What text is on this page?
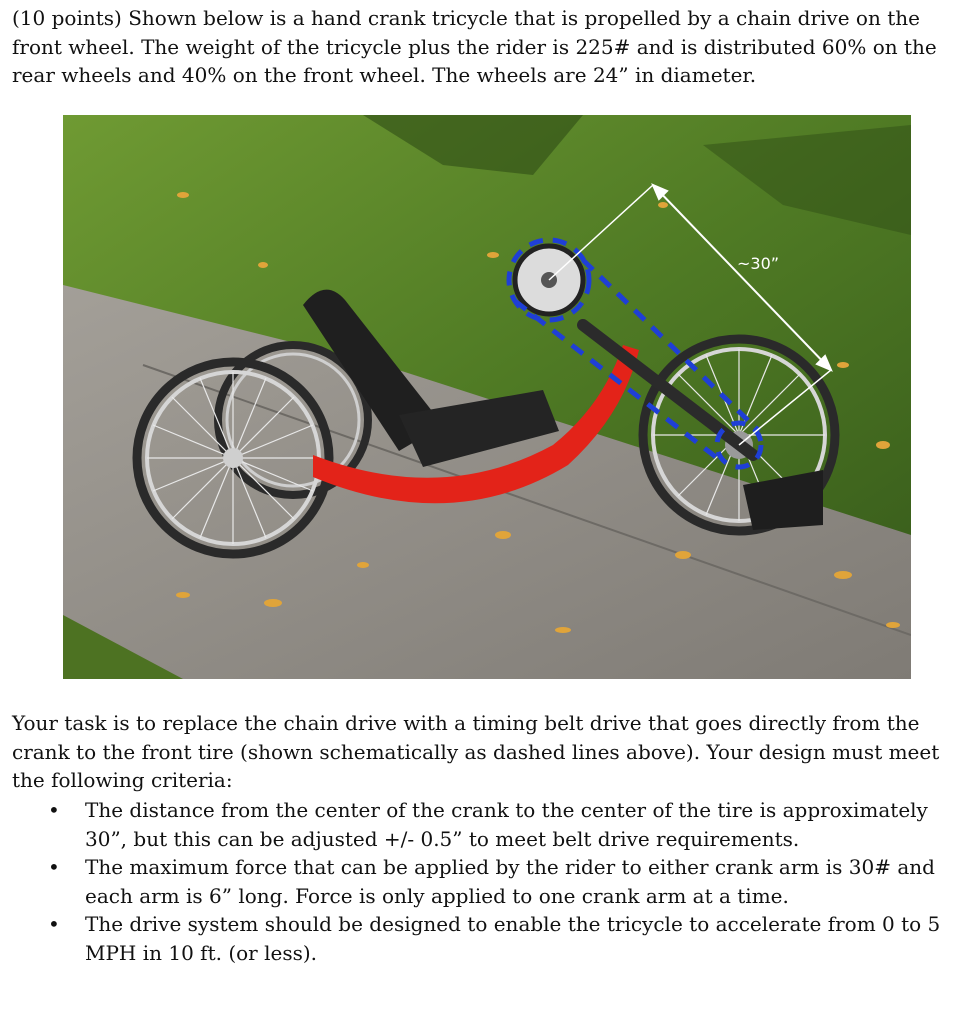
(10 points) Shown below is a hand crank tricycle that is propelled by a chain drive on the front wheel. The weight of the tricycle plus the rider is 225# and is distributed 60% on the rear wheels and 40% on the front wheel. The wheels are 24” in diameter.

~30”

Your task is to replace the chain drive with a timing belt drive that goes directly from the crank to the front tire (shown schematically as dashed lines above). Your design must meet the following criteria:

• The distance from the center of the crank to the center of the tire is approximately 30”, but this can be adjusted +/- 0.5” to meet belt drive requirements.
• The maximum force that can be applied by the rider to either crank arm is 30# and each arm is 6” long. Force is only applied to one crank arm at a time.
• The drive system should be designed to enable the tricycle to accelerate from 0 to 5 MPH in 10 ft. (or less).
